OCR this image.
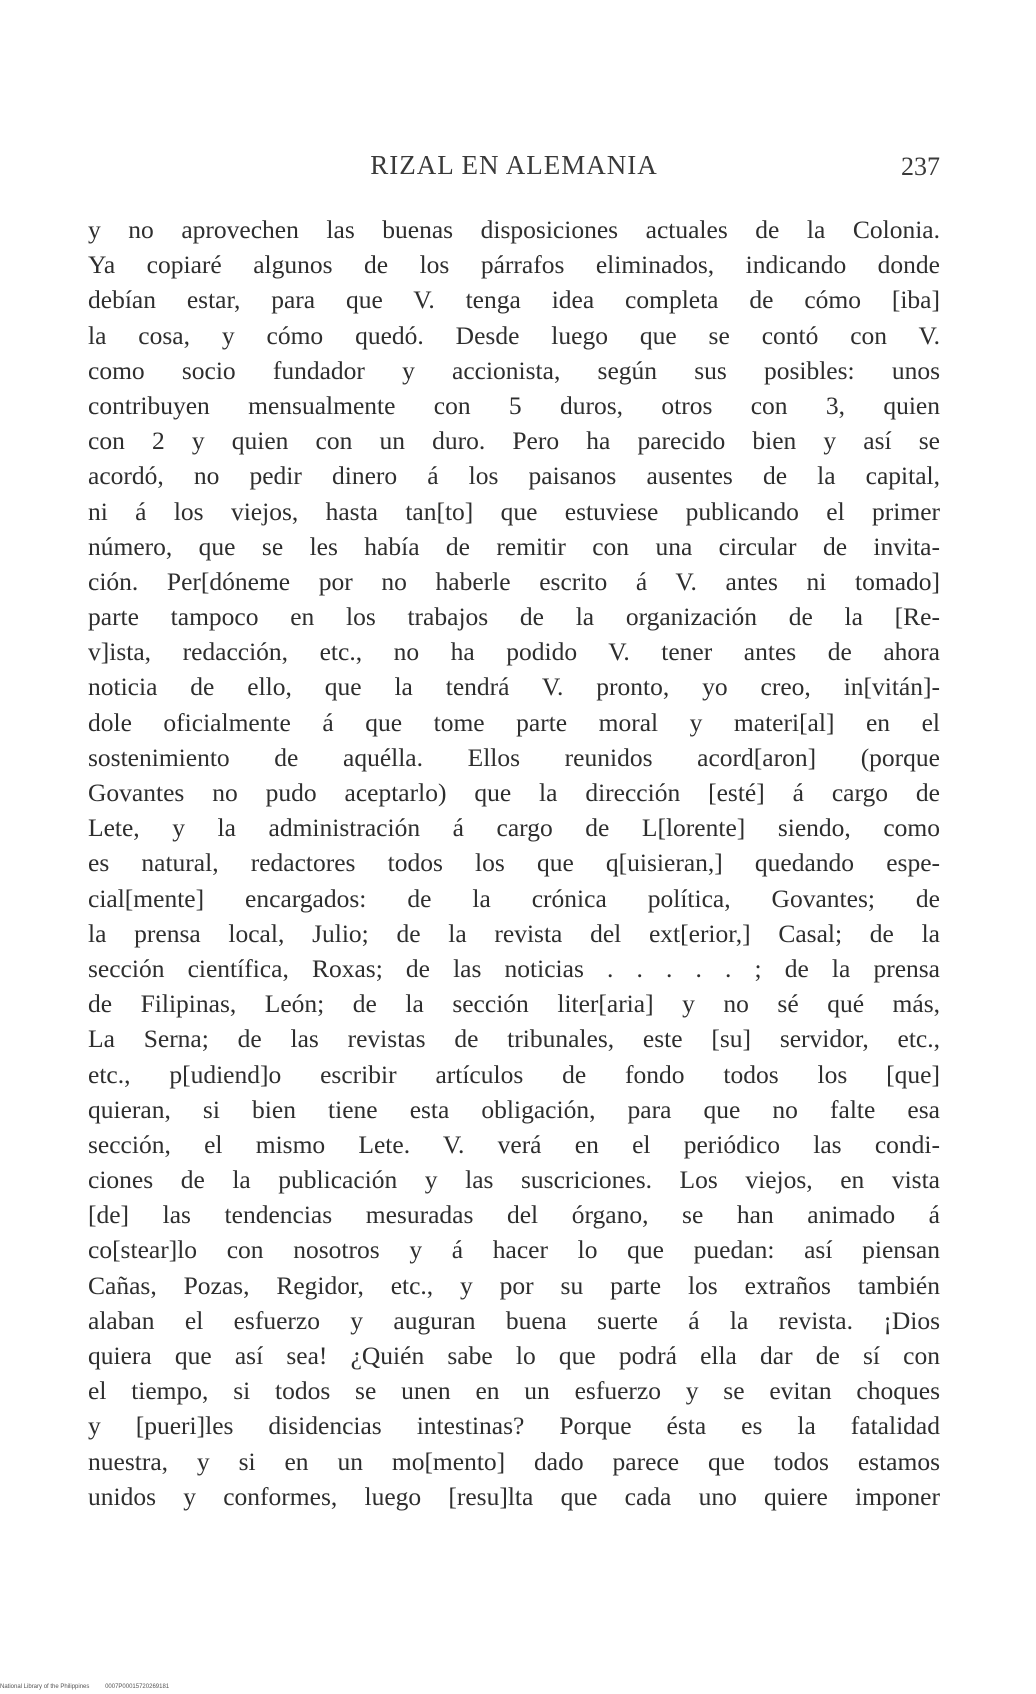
RIZAL EN ALEMANIA	237
y no aprovechen las buenas disposiciones actuales de la Colonia.
Ya copiaré algunos de los párrafos eliminados, indicando donde
debían estar, para que V. tenga idea completa de cómo [iba]
la cosa, y cómo quedó. Desde luego que se contó con V.
como socio fundador y accionista, según sus posibles: unos
contribuyen mensualmente con 5 duros, otros con 3, quien
con 2 y quien con un duro. Pero ha parecido bien y así se
acordó, no pedir dinero á los paisanos ausentes de la capital,
ni á los viejos, hasta tan[to] que estuviese publicando el primer
número, que se les había de remitir con una circular de invita-
ción. Per[dóneme por no haberle escrito á V. antes ni tomado]
parte tampoco en los trabajos de la organización de la [Re-
v]ista, redacción, etc., no ha podido V. tener antes de ahora
noticia de ello, que la tendrá V. pronto, yo creo, in[vitán]-
dole oficialmente á que tome parte moral y materi[al] en el
sostenimiento de aquélla. Ellos reunidos acord[aron] (porque
Govantes no pudo aceptarlo) que la dirección [esté] á cargo de
Lete, y la administración á cargo de L[lorente] siendo, como
es natural, redactores todos los que q[uisieran,] quedando espe-
cial[mente] encargados: de la crónica política, Govantes; de
la prensa local, Julio; de la revista del ext[erior,] Casal; de la
sección científica, Roxas; de las noticias . . . . . ; de la prensa
de Filipinas, León; de la sección liter[aria] y no sé qué más,
La Serna; de las revistas de tribunales, este [su] servidor, etc.,
etc., p[udiend]o escribir artículos de fondo todos los [que]
quieran, si bien tiene esta obligación, para que no falte esa
sección, el mismo Lete. V. verá en el periódico las condi-
ciones de la publicación y las suscriciones. Los viejos, en vista
[de] las tendencias mesuradas del órgano, se han animado á
co[stear]lo con nosotros y á hacer lo que puedan: así piensan
Cañas, Pozas, Regidor, etc., y por su parte los extraños también
alaban el esfuerzo y auguran buena suerte á la revista. ¡Dios
quiera que así sea! ¿Quién sabe lo que podrá ella dar de sí con
el tiempo, si todos se unen en un esfuerzo y se evitan choques
y [pueri]les disidencias intestinas? Porque ésta es la fatalidad
nuestra, y si en un mo[mento] dado parece que todos estamos
unidos y conformes, luego [resu]lta que cada uno quiere imponer
National Library of the Philippines	0007P00015720269181
